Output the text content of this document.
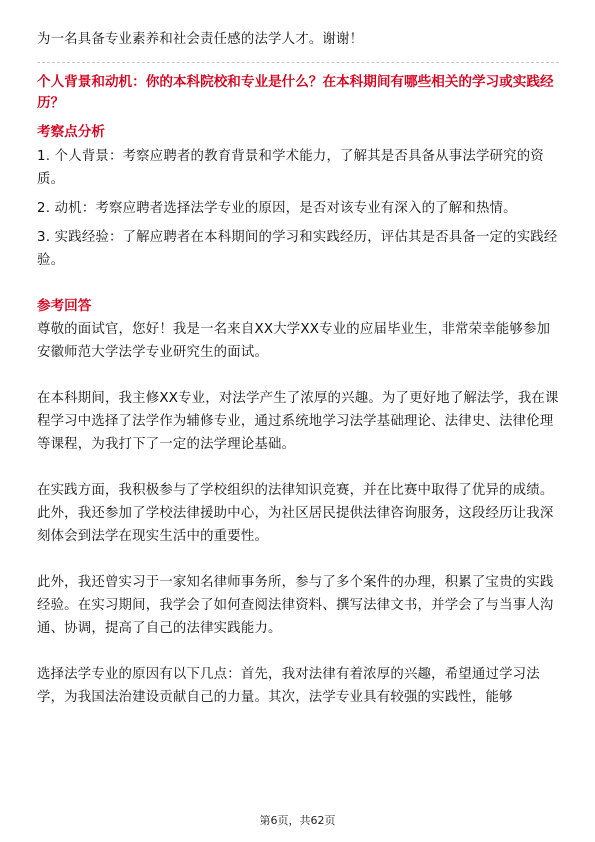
为一名具备专业素养和社会责任感的法学人才。谢谢！
个人背景和动机：你的本科院校和专业是什么？在本科期间有哪些相关的学习或实践经历？
考察点分析

1. 个人背景：考察应聘者的教育背景和学术能力，了解其是否具备从事法学研究的资质。

2. 动机：考察应聘者选择法学专业的原因，是否对该专业有深入的了解和热情。

3. 实践经验：了解应聘者在本科期间的学习和实践经历，评估其是否具备一定的实践经验。

参考回答

尊敬的面试官，您好！我是一名来自XX大学XX专业的应届毕业生，非常荣幸能够参加安徽师范大学法学专业研究生的面试。

在本科期间，我主修XX专业，对法学产生了浓厚的兴趣。为了更好地了解法学，我在课程学习中选择了法学作为辅修专业，通过系统地学习法学基础理论、法律史、法律伦理等课程，为我打下了一定的法学理论基础。

在实践方面，我积极参与了学校组织的法律知识竞赛，并在比赛中取得了优异的成绩。此外，我还参加了学校法律援助中心，为社区居民提供法律咨询服务，这段经历让我深刻体会到法学在现实生活中的重要性。

此外，我还曾实习于一家知名律师事务所，参与了多个案件的办理，积累了宝贵的实践经验。在实习期间，我学会了如何查阅法律资料、撰写法律文书，并学会了与当事人沟通、协调，提高了自己的法律实践能力。

选择法学专业的原因有以下几点：首先，我对法律有着浓厚的兴趣，希望通过学习法学，为我国法治建设贡献自己的力量。其次，法学专业具有较强的实践性，能够

第6页，共62页
